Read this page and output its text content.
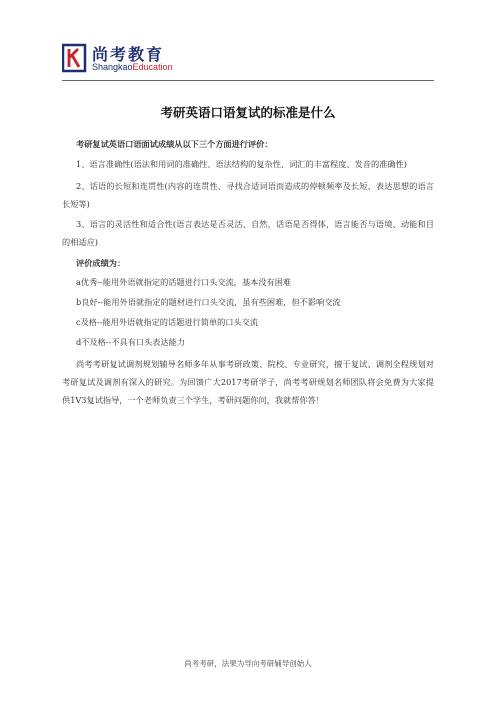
尚考教育
ShangkaoEducation
考研英语口语复试的标准是什么
考研复试英语口语面试成绩从以下三个方面进行评价：
1、语言准确性(语法和用词的准确性、语法结构的复杂性、词汇的丰富程度、发音的准确性)
2、话语的长短和连贯性(内容的连贯性、寻找合适词语而造成的停顿频率及长短、表达思想的语言长短等)
3、语言的灵活性和适合性(语言表达是否灵活、自然，话语是否得体，语言能否与语境、动能和目的相适应)
评价成绩为：
a优秀--能用外语就指定的话题进行口头交流，基本没有困难
b良好--能用外语就指定的题材进行口头交流，虽有些困难，但不影响交流
c及格--能用外语就指定的话题进行简单的口头交流
d不及格--不具有口头表达能力
尚考考研复试调剂规划辅导名师多年从事考研政策、院校、专业研究，擅于复试、调剂全程规划对考研复试及调剂有深入的研究。为回馈广大2017考研学子，尚考考研规划名师团队将会免费为大家提供1V3复试指导，一个老师负责三个学生，考研问题你问，我就帮你答！
尚考考研，法果为导向考研辅导创始人
